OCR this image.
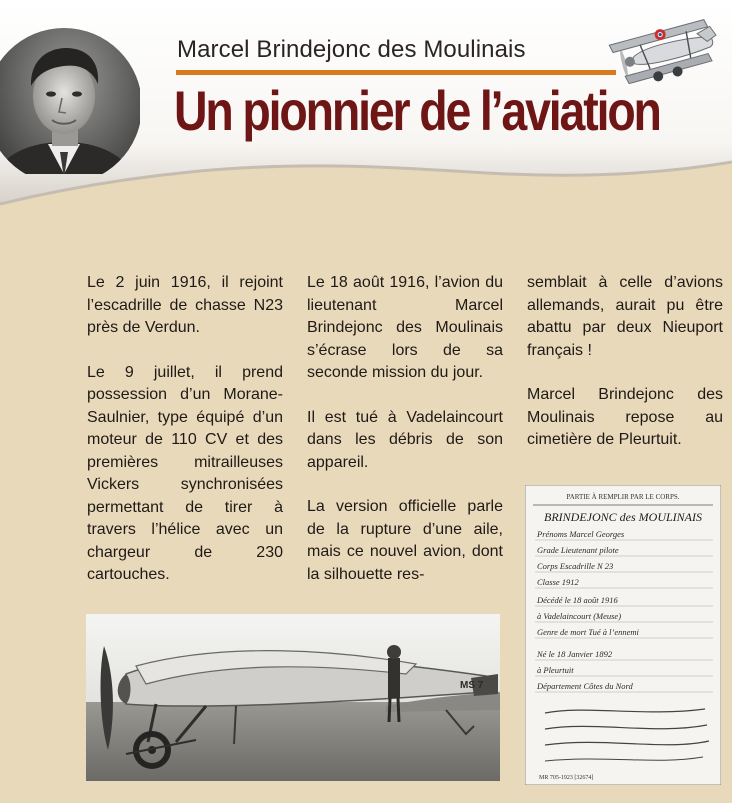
Marcel Brindejonc des Moulinais
Un pionnier de l’aviation

Le 2 juin 1916, il rejoint l’escadrille de chasse N23 près de Verdun.

Le 9 juillet, il prend possession d’un Morane-Saulnier, type équipé d’un moteur de 110 CV et des premières mitrailleuses Vickers synchronisées permettant de tirer à travers l’hélice avec un chargeur de 230 cartouches.

Le 18 août 1916, l’avion du lieutenant Marcel Brindejonc des Moulinais s’écrase lors de sa seconde mission du jour.

Il est tué à Vadelaincourt dans les débris de son appareil.

La version officielle parle de la rupture d’une aile, mais ce nouvel avion, dont la silhouette res-

semblait à celle d’avions allemands, aurait pu être abattu par deux Nieuport français !

Marcel Brindejonc des Moulinais repose au cimetière de Pleurtuit.

MS 7
PARTIE À REMPLIR PAR LE CORPS.
BRINDEJONC des MOULINAIS
Prénoms Marcel Georges
Grade Lieutenant pilote
Corps Escadrille N 23
Classe 1912
Décédé le 18 août 1916
à Vadelaincourt (Meuse)
Genre de mort Tué à l’ennemi
Né le 18 Janvier 1892
à Pleurtuit
Département Côtes du Nord
MR 705-1923 [32674]
